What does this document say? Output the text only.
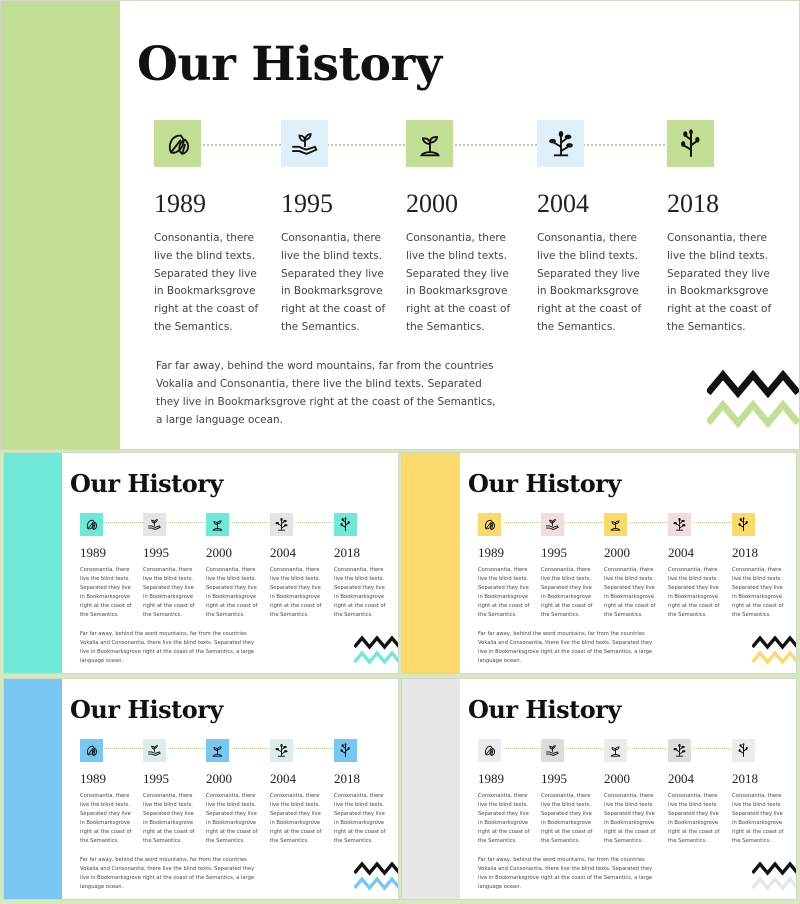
Our History
1989
Consonantia, there live the blind texts. Separated they live in Bookmarksgrove right at the coast of the Semantics.
1995
Consonantia, there live the blind texts. Separated they live in Bookmarksgrove right at the coast of the Semantics.
2000
Consonantia, there live the blind texts. Separated they live in Bookmarksgrove right at the coast of the Semantics.
2004
Consonantia, there live the blind texts. Separated they live in Bookmarksgrove right at the coast of the Semantics.
2018
Consonantia, there live the blind texts. Separated they live in Bookmarksgrove right at the coast of the Semantics.
Far far away, behind the word mountains, far from the countries Vokalia and Consonantia, there live the blind texts. Separated they live in Bookmarksgrove right at the coast of the Semantics, a large language ocean.
Our History
1989
Consonantia, there live the blind texts. Separated they live in Bookmarksgrove right at the coast of the Semantics.
1995
Consonantia, there live the blind texts. Separated they live in Bookmarksgrove right at the coast of the Semantics.
2000
Consonantia, there live the blind texts. Separated they live in Bookmarksgrove right at the coast of the Semantics.
2004
Consonantia, there live the blind texts. Separated they live in Bookmarksgrove right at the coast of the Semantics.
2018
Consonantia, there live the blind texts. Separated they live in Bookmarksgrove right at the coast of the Semantics.
Far far away, behind the word mountains, far from the countries Vokalia and Consonantia, there live the blind texts. Separated they live in Bookmarksgrove right at the coast of the Semantics, a large language ocean.
Our History
1989
Consonantia, there live the blind texts. Separated they live in Bookmarksgrove right at the coast of the Semantics.
1995
Consonantia, there live the blind texts. Separated they live in Bookmarksgrove right at the coast of the Semantics.
2000
Consonantia, there live the blind texts. Separated they live in Bookmarksgrove right at the coast of the Semantics.
2004
Consonantia, there live the blind texts. Separated they live in Bookmarksgrove right at the coast of the Semantics.
2018
Consonantia, there live the blind texts. Separated they live in Bookmarksgrove right at the coast of the Semantics.
Far far away, behind the word mountains, far from the countries Vokalia and Consonantia, there live the blind texts. Separated they live in Bookmarksgrove right at the coast of the Semantics, a large language ocean.
Our History
1989
Consonantia, there live the blind texts. Separated they live in Bookmarksgrove right at the coast of the Semantics.
1995
Consonantia, there live the blind texts. Separated they live in Bookmarksgrove right at the coast of the Semantics.
2000
Consonantia, there live the blind texts. Separated they live in Bookmarksgrove right at the coast of the Semantics.
2004
Consonantia, there live the blind texts. Separated they live in Bookmarksgrove right at the coast of the Semantics.
2018
Consonantia, there live the blind texts. Separated they live in Bookmarksgrove right at the coast of the Semantics.
Far far away, behind the word mountains, far from the countries Vokalia and Consonantia, there live the blind texts. Separated they live in Bookmarksgrove right at the coast of the Semantics, a large language ocean.
Our History
1989
Consonantia, there live the blind texts. Separated they live in Bookmarksgrove right at the coast of the Semantics.
1995
Consonantia, there live the blind texts. Separated they live in Bookmarksgrove right at the coast of the Semantics.
2000
Consonantia, there live the blind texts. Separated they live in Bookmarksgrove right at the coast of the Semantics.
2004
Consonantia, there live the blind texts. Separated they live in Bookmarksgrove right at the coast of the Semantics.
2018
Consonantia, there live the blind texts. Separated they live in Bookmarksgrove right at the coast of the Semantics.
Far far away, behind the word mountains, far from the countries Vokalia and Consonantia, there live the blind texts. Separated they live in Bookmarksgrove right at the coast of the Semantics, a large language ocean.
